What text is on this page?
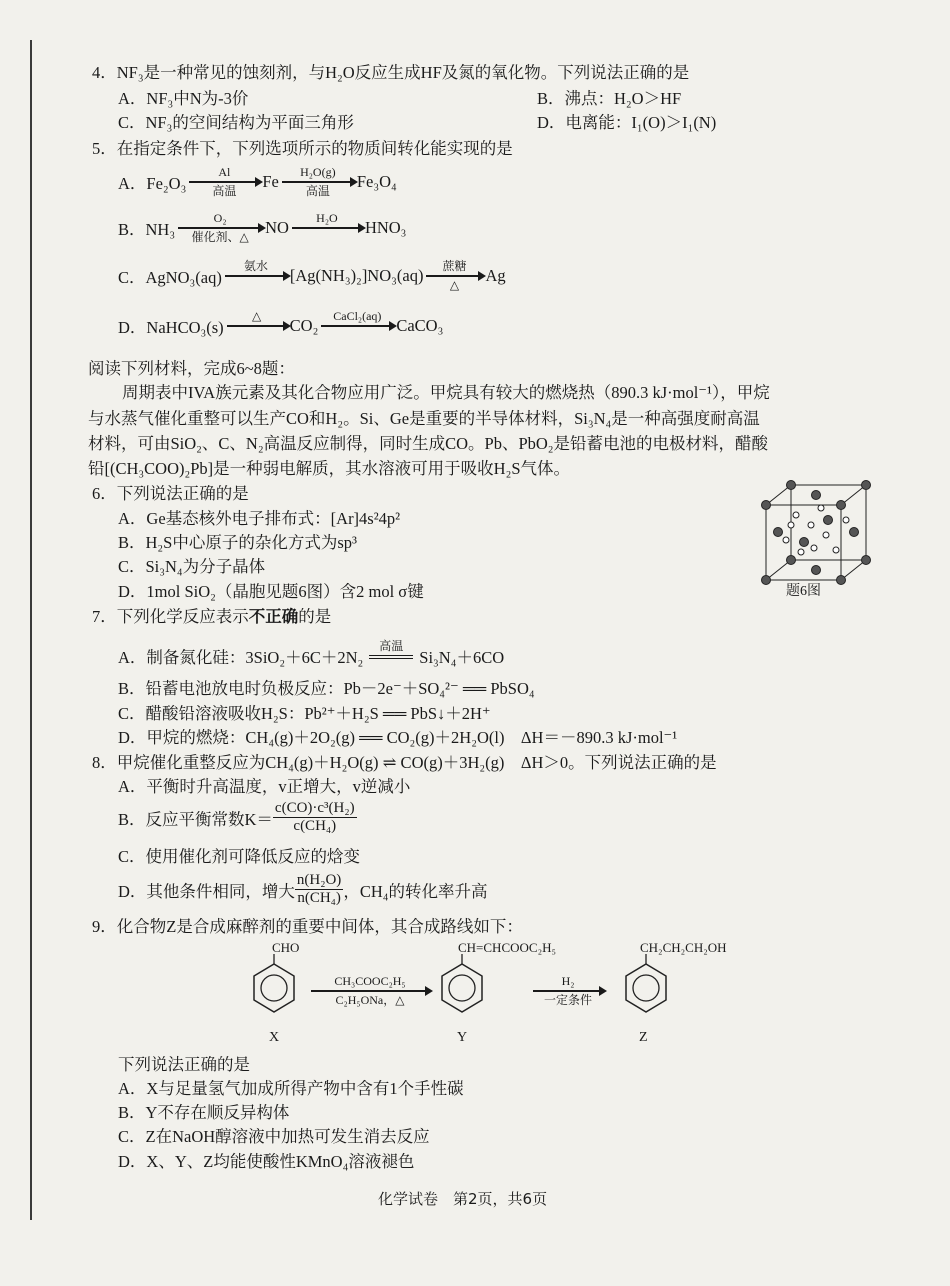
4．NF₃是一种常见的蚀刻剂，与H₂O反应生成HF及氮的氧化物。下列说法正确的是
A．NF₃中N为-3价	B．沸点：H₂O＞HF
C．NF₃的空间结构为平面三角形	D．电离能：I₁(O)＞I₁(N)
5．在指定条件下，下列选项所示的物质间转化能实现的是
A．Fe₂O₃
Al
高温 Fe H₂O(g)
高温 Fe₃O₄
B．NH₃
O₂
催化剂、△ NO H₂O HNO₃
C．AgNO₃(aq)
氨水 [Ag(NH₃)₂]NO₃(aq) 蔗糖
△ Ag
D．NaHCO₃(s)
△ CO₂ CaCl₂(aq) CaCO₃
阅读下列材料，完成6~8题：
周期表中IVA族元素及其化合物应用广泛。甲烷具有较大的燃烧热（890.3 kJ·mol⁻¹），甲烷
与水蒸气催化重整可以生产CO和H₂。Si、Ge是重要的半导体材料，Si₃N₄是一种高强度耐高温
材料，可由SiO₂、C、N₂高温反应制得，同时生成CO。Pb、PbO₂是铅蓄电池的电极材料，醋酸
铅[(CH₃COO)₂Pb]是一种弱电解质，其水溶液可用于吸收H₂S气体。
6．下列说法正确的是
A．Ge基态核外电子排布式：[Ar]4s²4p²
B．H₂S中心原子的杂化方式为sp³
C．Si₃N₄为分子晶体
D．1mol SiO₂（晶胞见题6图）含2 mol σ键	题6图
7．下列化学反应表示不正确的是
A．制备氮化硅：3SiO₂＋6C＋2N₂
高温
Si₃N₄＋6CO
B．铅蓄电池放电时负极反应：Pb－2e⁻＋SO₄²⁻ ══ PbSO₄
C．醋酸铅溶液吸收H₂S：Pb²⁺＋H₂S ══ PbS↓＋2H⁺
D．甲烷的燃烧：CH₄(g)＋2O₂(g) ══ CO₂(g)＋2H₂O(l)　ΔH＝－890.3 kJ·mol⁻¹
8．甲烷催化重整反应为CH₄(g)＋H₂O(g) ⇌ CO(g)＋3H₂(g)　ΔH＞0。下列说法正确的是
A．平衡时升高温度，v正增大，v逆减小
B．反应平衡常数$K= \frac{\text{c(CO)·c³(H₂)}}{\text{c(CH₄)}}$
C．使用催化剂可降低反应的焓变
D．其他条件相同，增大 $\frac{\text{n(H₂O)}}{\text{n(CH₄)}}$ ，CH₄的转化率升高
9．化合物Z是合成麻醉剂的重要中间体，其合成路线如下：
CHO
X
CH₃COOC₂H₅
C₂H₅ONa，△
CH=CHCOOC₂H₅
Y
H₂
一定条件
CH₂CH₂CH₂OH
Z
下列说法正确的是
A．X与足量氢气加成所得产物中含有1个手性碳
B．Y不存在顺反异构体
C．Z在NaOH醇溶液中加热可发生消去反应
D．X、Y、Z均能使酸性KMnO₄溶液褪色
化学试卷　第2页，共6页
